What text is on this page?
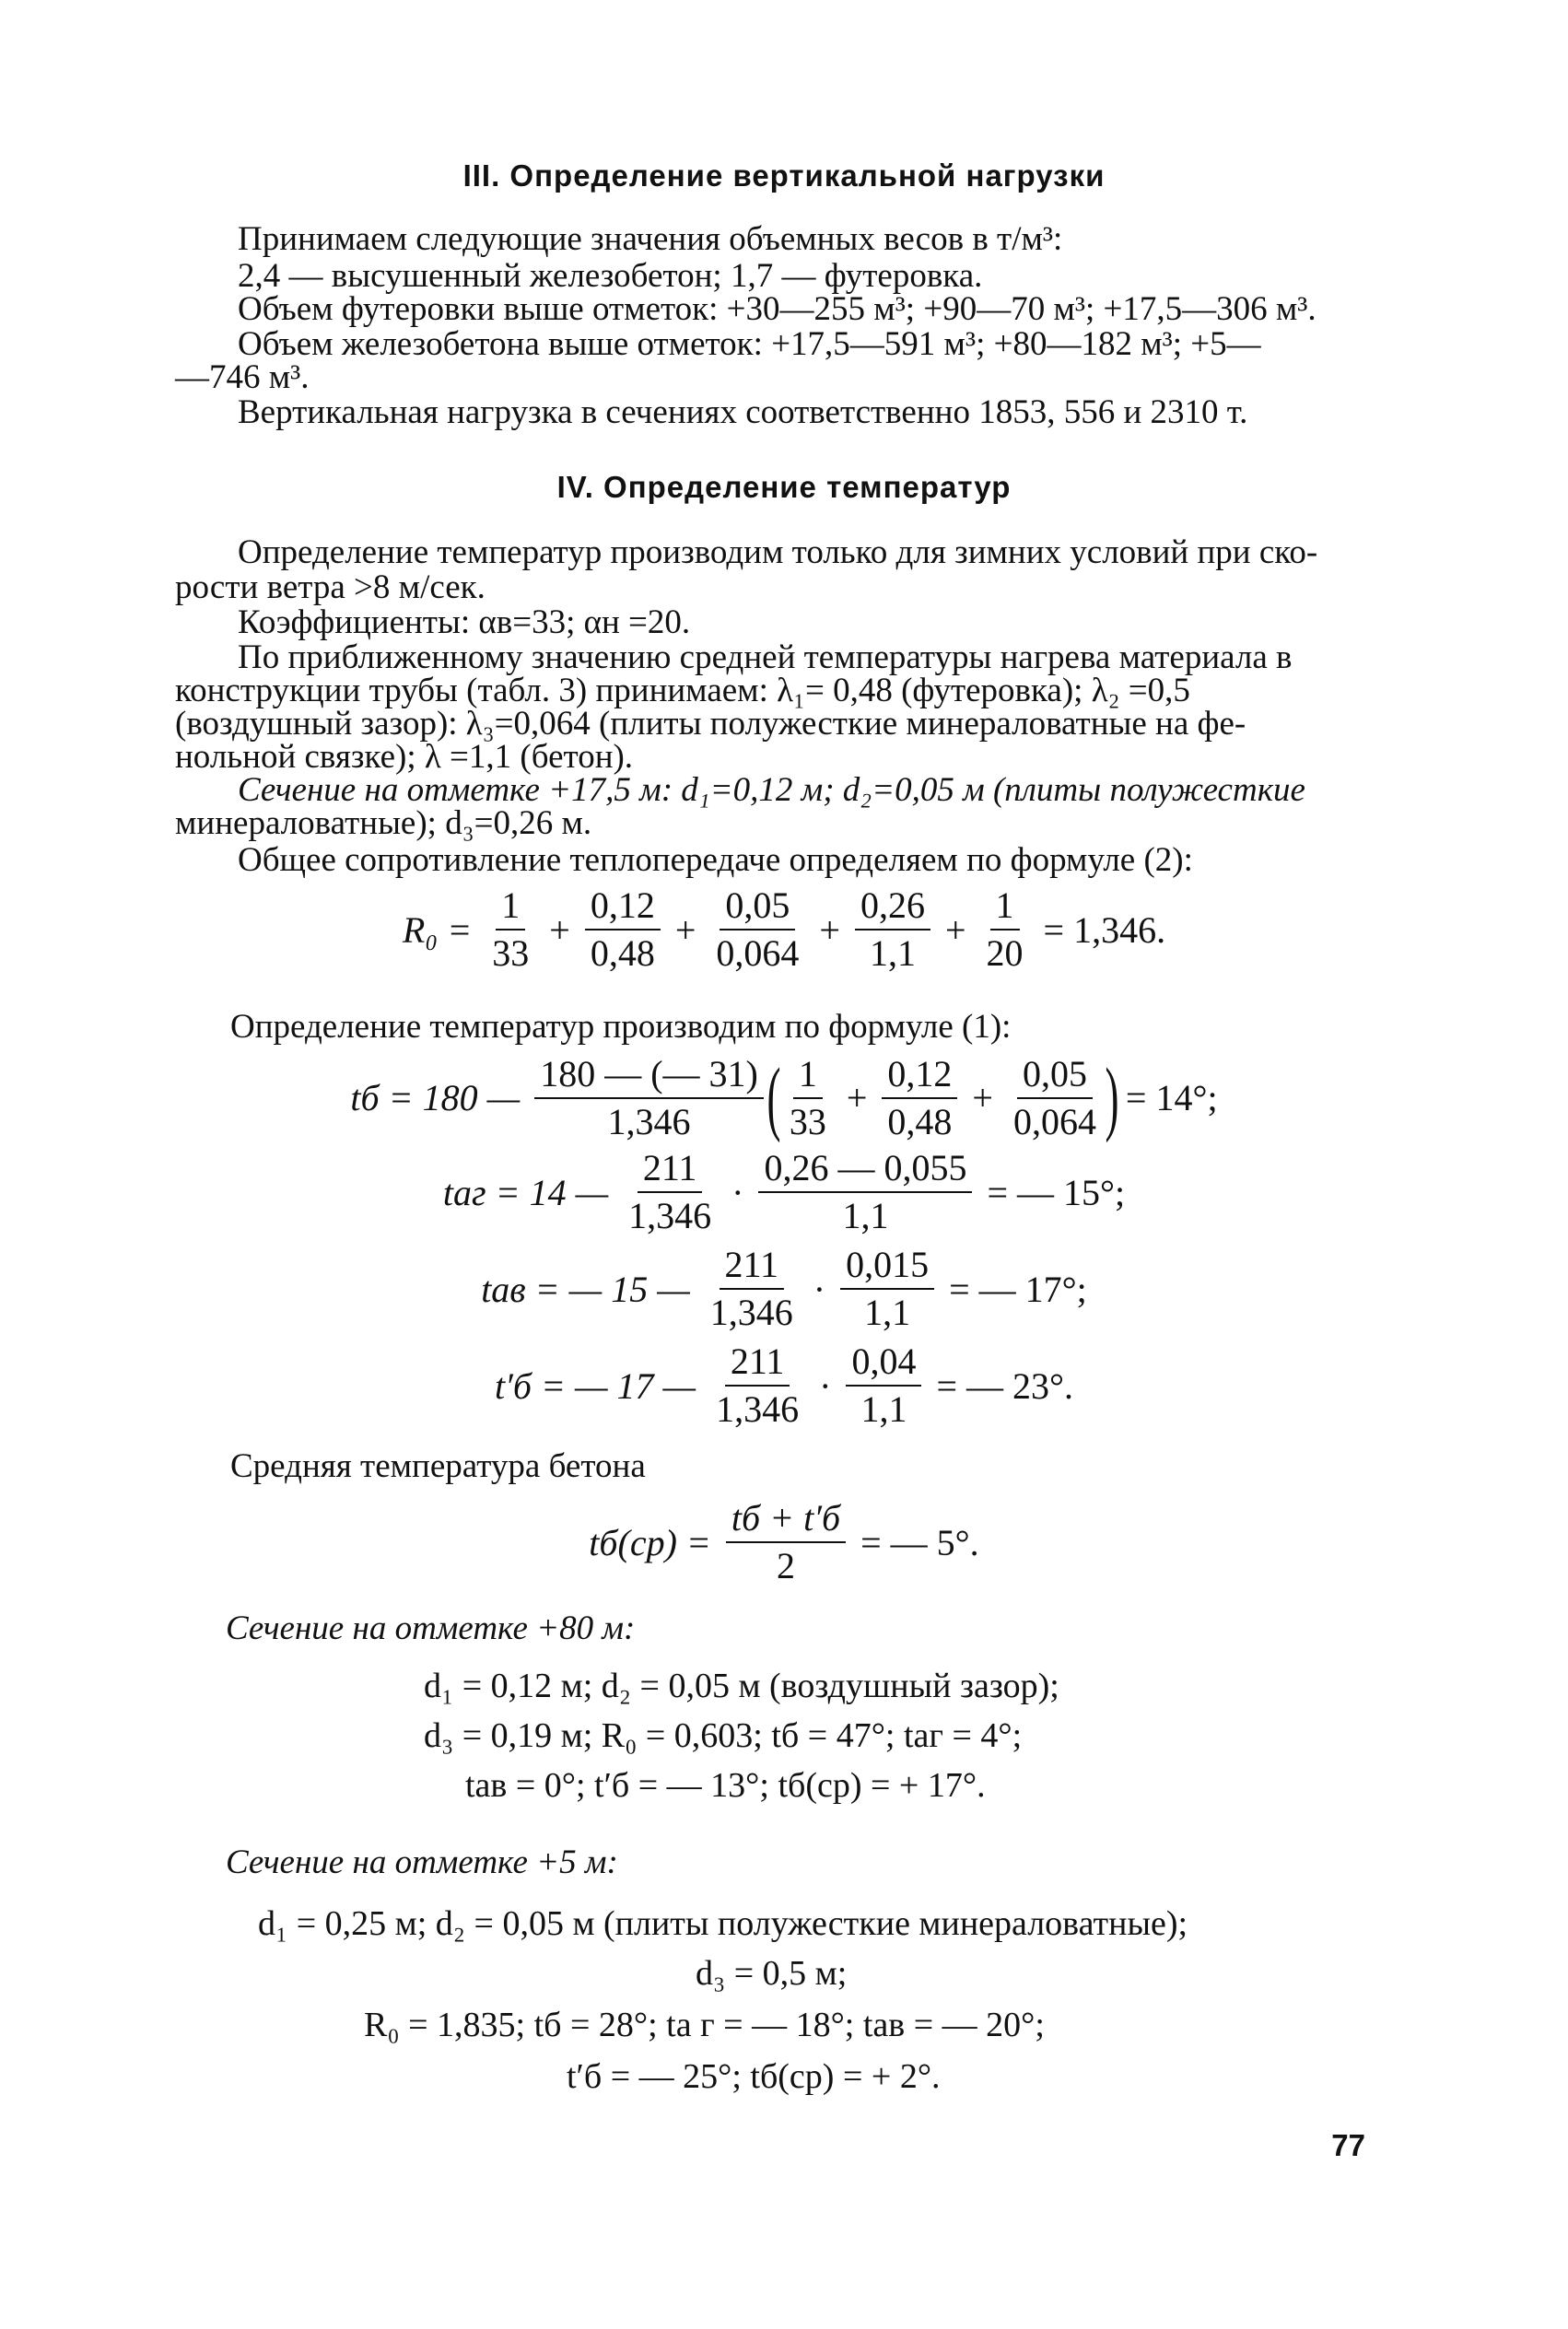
III. Определение вертикальной нагрузки
Принимаем следующие значения объемных весов в т/м³:
2,4 — высушенный железобетон; 1,7 — футеровка.
Объем футеровки выше отметок: +30—255 м³; +90—70 м³; +17,5—306 м³.
Объем железобетона выше отметок: +17,5—591 м³; +80—182 м³; +5—
—746 м³.
Вертикальная нагрузка в сечениях соответственно 1853, 556 и 2310 т.
IV. Определение температур
Определение температур производим только для зимних условий при ско-
рости ветра >8 м/сек.
Коэффициенты: αв=33; αн =20.
По приближенному значению средней температуры нагрева материала в
конструкции трубы (табл. 3) принимаем: λ₁= 0,48 (футеровка); λ₂ =0,5
(воздушный зазор): λ₃=0,064 (плиты полужесткие минераловатные на фе-
нольной связке); λ =1,1 (бетон).
Сечение на отметке +17,5 м: d₁=0,12 м; d₂=0,05 м (плиты полужесткие
минераловатные); d₃=0,26 м.
Общее сопротивление теплопередаче определяем по формуле (2):
$R_0 = \frac{1}{33} + \frac{0,12}{0,48} + \frac{0,05}{0,064} + \frac{0,26}{1,1} + \frac{1}{20} = 1,346$.
Определение температур производим по формуле (1):
tб = 180 —
180 — (— 31)
1,346 ( 1
33
+ $\frac{0,12}{0,48} + \frac{0,05}{0,064}$ ) = 14°;
tаг = 14 —
211
1,346
· $\frac{0,26 — 0,055}{1,1}$ = — 15°;
tав = — 15 —
211
1,346
· $\frac{0,015}{1,1}$ = — 17°;
t′б = — 17 —
211
1,346
· $\frac{0,04}{1,1}$ = — 23°.
Средняя температура бетона
tб(ср) =
tб + t′б
2
= — 5°.
Сечение на отметке +80 м:
d₁ = 0,12 м; d₂ = 0,05 м (воздушный зазор);
d₃ = 0,19 м; R₀ = 0,603; tб = 47°; tаг = 4°;
tав = 0°; t′б = — 13°; tб(ср) = + 17°.
Сечение на отметке +5 м:
d₁ = 0,25 м; d₂ = 0,05 м (плиты полужесткие минераловатные);
d₃ = 0,5 м;
R₀ = 1,835; tб = 28°; tа г = — 18°; tав = — 20°;
t′б = — 25°; tб(ср) = + 2°.
77
